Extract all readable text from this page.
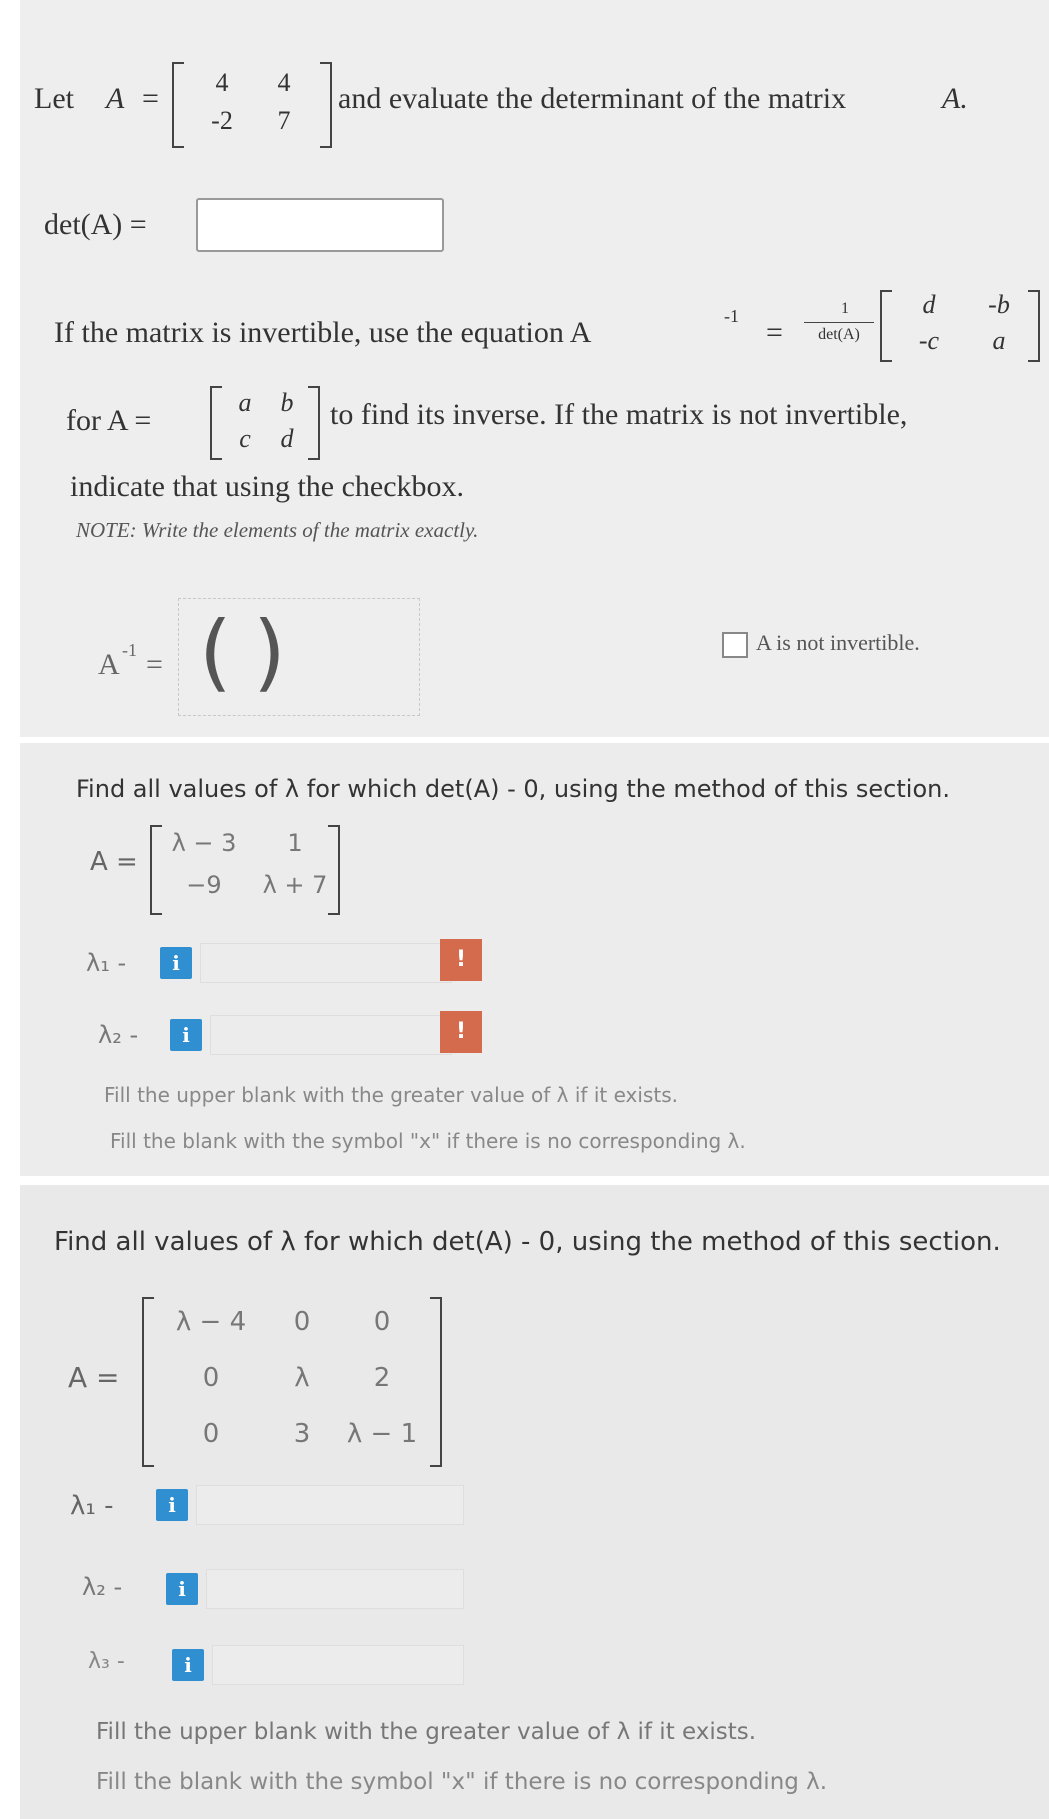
Let A =	4	4
-2	7
and evaluate the determinant of the matrix	A.
det(A) =
If the matrix is invertible, use the equation A	-1 =
1
det(A)
d	-b
-c	a
for A =
a	b
c	d
to find its inverse. If the matrix is not invertible,
indicate that using the checkbox.
NOTE: Write the elements of the matrix exactly.
A -1 = ( )	A is not invertible.
Find all values of λ for which det(A) - 0, using the method of this section.
A =
λ − 3	1
−9	λ + 7
λ₁ -	i	!
λ₂ -	i	!
Fill the upper blank with the greater value of λ if it exists.
Fill the blank with the symbol "x" if there is no corresponding λ.
Find all values of λ for which det(A) - 0, using the method of this section.
A =
λ − 4	0	0
0	λ	2
0	3	λ − 1
λ₁ -	i
λ₂ -	i
λ₃ -	i
Fill the upper blank with the greater value of λ if it exists.
Fill the blank with the symbol "x" if there is no corresponding λ.
